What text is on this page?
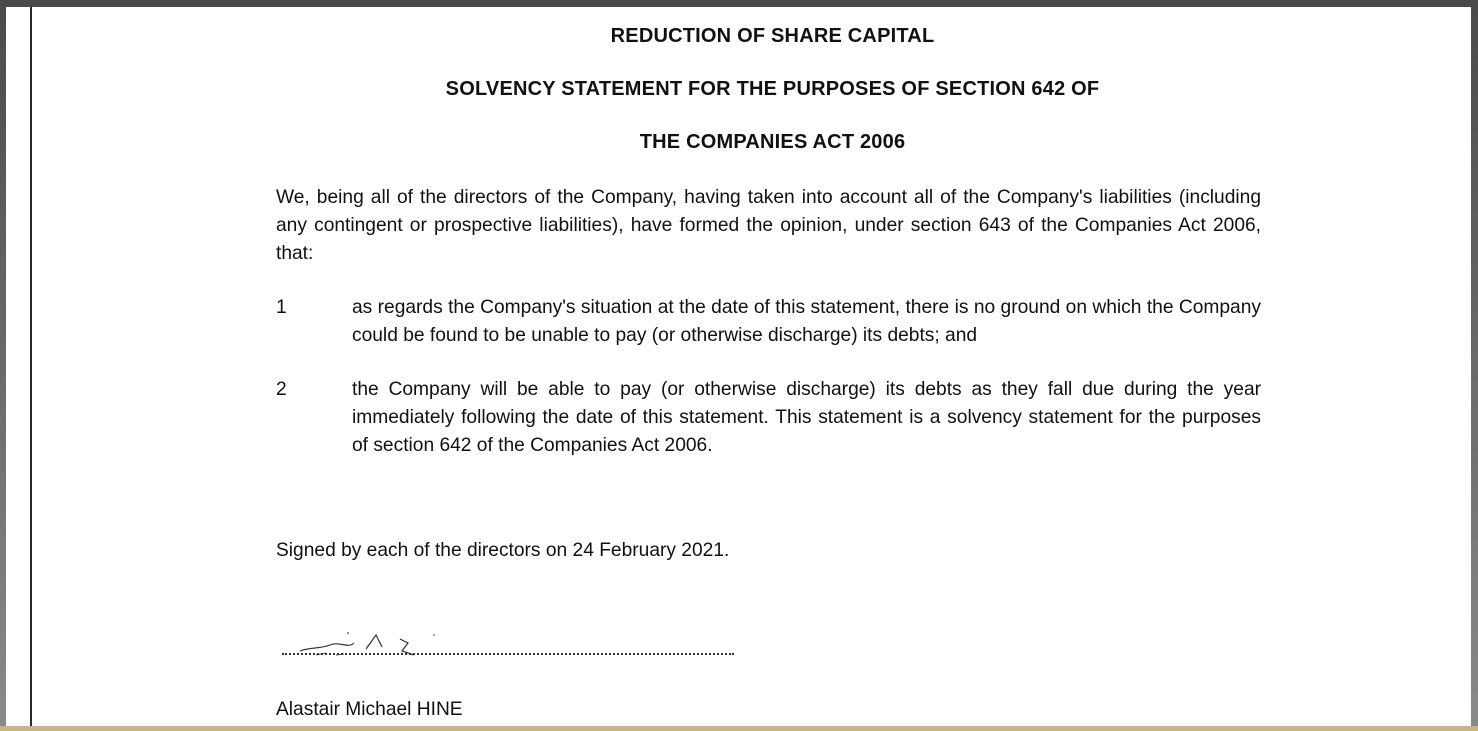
REDUCTION OF SHARE CAPITAL
SOLVENCY STATEMENT FOR THE PURPOSES OF SECTION 642 OF
THE COMPANIES ACT 2006
We, being all of the directors of the Company, having taken into account all of the Company's liabilities (including any contingent or prospective liabilities), have formed the opinion, under section 643 of the Companies Act 2006, that:
1	as regards the Company's situation at the date of this statement, there is no ground on which the Company could be found to be unable to pay (or otherwise discharge) its debts; and
2	the Company will be able to pay (or otherwise discharge) its debts as they fall due during the year immediately following the date of this statement. This statement is a solvency statement for the purposes of section 642 of the Companies Act 2006.
Signed by each of the directors on 24 February 2021.
Alastair Michael HINE
